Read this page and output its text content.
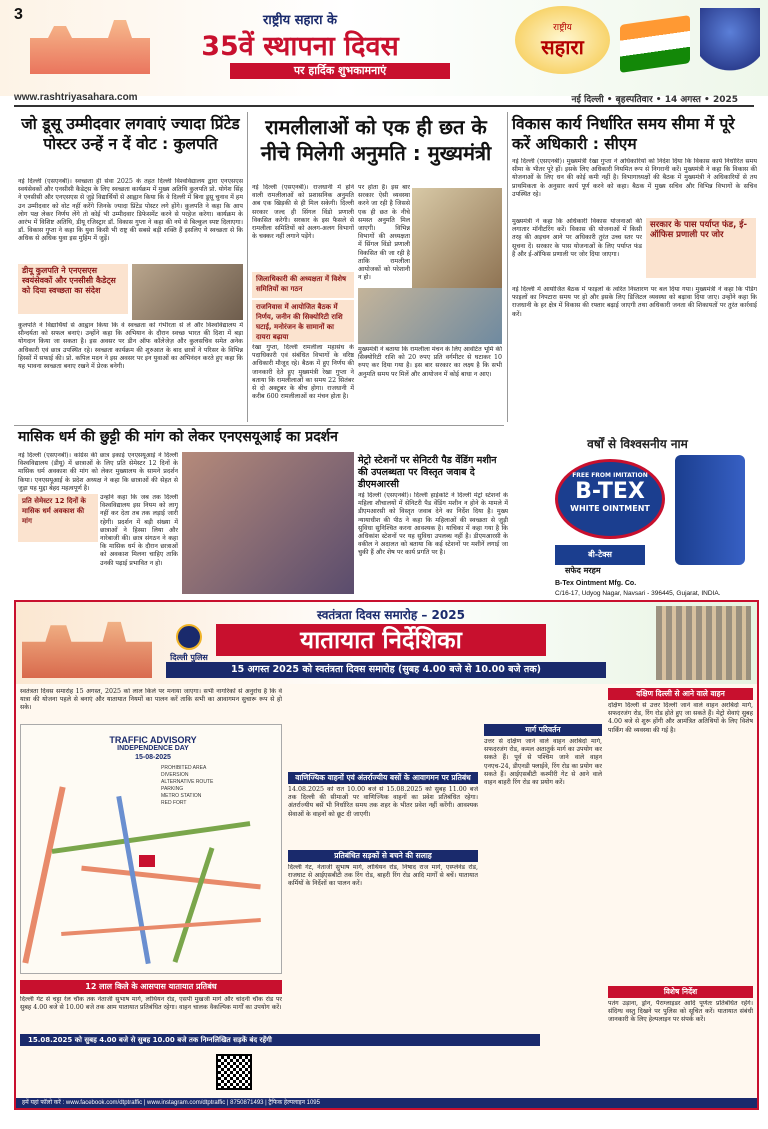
3	राष्ट्रीय सहारा के
35वें स्थापना दिवस
पर हार्दिक शुभकामनाएं
राष्ट्रीय
सहारा
www.rashtriyasahara.com	नई दिल्ली • बृहस्पतिवार • 14 अगस्त • 2025
जो डूसू उम्मीदवार लगवाएं ज्यादा प्रिंटेड पोस्टर उन्हें न दें वोट : कुलपति
नई दिल्ली (एसएनबी)। स्वच्छता ही सेवा 2025 के तहत दिल्ली विश्वविद्यालय द्वारा एनएसएस स्वयंसेवकों और एनसीसी कैडेट्स के लिए स्वच्छता कार्यक्रम में मुख्य अतिथि कुलपति प्रो. योगेश सिंह ने एनसीसी और एनएसएस से जुड़े विद्यार्थियों से आह्वान किया कि वे दिल्ली में बिना डूसू चुनाव में हम उन उम्मीदवार को वोट नहीं करेंगे जिनके ज्यादा प्रिंटेड पोस्टर लगे होंगे। कुलपति ने कहा कि आप लोग पक्ष लेकर निर्णय लेंगे तो कोई भी उम्मीदवार डिफेसमेंट करने से परहेज करेगा। कार्यक्रम के आरंभ में विशिष्ट अतिथि, डीयू रजिस्ट्रार डॉ. विकास गुप्ता ने कहा की नये से बिल्कुल स्पष्ट दिलाएगा। डॉ. विकास गुप्ता ने कहा कि युवा किसी भी राष्ट्र की सबसे बड़ी शक्ति हैं इसलिए ये स्वच्छता से कि अधिक से अधिक युवा इस मुहिम में जुड़ें।
डीयू कुलपति ने एनएसएस स्वयंसेवकों और एनसीसी कैडेट्स को दिया स्वच्छता का संदेश
कुलपति ने विद्यार्थियों से आह्वान किया कि वे स्वच्छता को गंभीरता से लें और विश्वविद्यालय में सौन्दर्यता को सफल बनाएं। उन्होंने कहा कि अभियान के दौरान स्वच्छ भारत की दिशा में बड़ा योगदान किया जा सकता है। इस अवसर पर डीन ऑफ कॉलेजेज़ और कुलसचिव समेत अनेक अधिकारी एवं छात्र उपस्थित रहे। स्वच्छता कार्यक्रम की शुरुआत के बाद छात्रों ने परिसर के विभिन्न हिस्सों में सफाई की। प्रो. कपिल मदन ने इस अवसर पर इन युवाओं का अभिनंदन करते हुए कहा कि यह भावना स्वच्छता बनाए रखने में प्रेरक बनेगी।
रामलीलाओं को एक ही छत के नीचे मिलेगी अनुमति : मुख्यमंत्री
नई दिल्ली (एसएनबी)। राजधानी में होने वाली रामलीलाओं को प्रशासनिक अनुमति अब एक खिड़की से ही मिल सकेगी। दिल्ली सरकार जल्द ही सिंगल विंडो प्रणाली विकसित करेगी। सरकार के इस फैसले से रामलीला समितियों को अलग-अलग विभागों के चक्कर नहीं लगाने पड़ेंगे।
जिलाधिकारी की अध्यक्षता में विशेष समितियों का गठन
राजनिवास में आयोजित बैठक में निर्णय, जनीन की सिक्योरिटी राशि घटाई, मनोरंजन के सामानों का दायरा बढ़ाया
रेखा गुप्ता, दिल्ली रामलीला महासंघ के पदाधिकारी एवं संबंधित विभागों के वरिष्ठ अधिकारी मौजूद रहे। बैठक में हुए निर्णय की जानकारी देते हुए मुख्यमंत्री रेखा गुप्ता ने बताया कि रामलीलाओं का समय 22 सितंबर से दो अक्टूबर के बीच होगा। राजधानी में करीब 600 रामलीलाओं का मंचन होता है।
पर होता है। इस बार सरकार ऐसी व्यवस्था करने जा रही है जिससे एक ही छत के नीचे समस्त अनुमति मिल जाएगी। विभिन्न विभागों की अध्यक्षता में सिंगल विंडो प्रणाली विकसित की जा रही है ताकि रामलीला आयोजकों को परेशानी न हो।
मुख्यमंत्री ने बताया कि रामलीला मंचन के लिए आवंटित भूमि की सिक्योरिटी राशि को 20 रुपए प्रति वर्गमीटर से घटाकर 10 रुपए कर दिया गया है। इस बार सरकार का लक्ष्य है कि सभी अनुमति समय पर मिलें और आयोजन में कोई बाधा न आए।
विकास कार्य निर्धारित समय सीमा में पूरे करें अधिकारी : सीएम
नई दिल्ली (एसएनबी)। मुख्यमंत्री रेखा गुप्ता ने अधिकारियों को निर्देश दिया कि विकास कार्य निर्धारित समय सीमा के भीतर पूरे हों। इसके लिए अधिकारी नियमित रूप से निगरानी करें। मुख्यमंत्री ने कहा कि विकास की योजनाओं के लिए धन की कोई कमी नहीं है। विभागाध्यक्षों की बैठक में मुख्यमंत्री ने अधिकारियों से तय प्राथमिकता के अनुसार कार्य पूर्ण करने को कहा। बैठक में मुख्य सचिव और विभिन्न विभागों के सचिव उपस्थित रहे।
मुख्यमंत्री ने कहा कि अधिकारी विकास योजनाओं की लगातार मॉनीटरिंग करें। विकास की योजनाओं में किसी तरह की अड़चन आने पर अधिकारी तुरंत उच्च स्तर पर सूचना दें। सरकार के पास योजनाओं के लिए पर्याप्त फंड है और ई-ऑफिस प्रणाली पर जोर दिया जाएगा।
सरकार के पास पर्याप्त फंड, ई-ऑफिस प्रणाली पर जोर
नई दिल्ली में आयोजित बैठक में फाइलों के त्वरित निस्तारण पर बल दिया गया। मुख्यमंत्री ने कहा कि पेंडिंग फाइलों का निपटारा समय पर हो और इसके लिए डिजिटल व्यवस्था को बढ़ावा दिया जाए। उन्होंने कहा कि राजधानी के हर क्षेत्र में विकास की रफ्तार बढ़ाई जाएगी तथा अधिकारी जनता की शिकायतों पर तुरंत कार्रवाई करें।
वर्षों से विश्वसनीय नाम
FREE FROM IMITATION
B-TEX
WHITE OINTMENT
बी-टेक्स
सफेद मरहम
B-Tex Ointment Mfg. Co.
C/16-17, Udyog Nagar, Navsari - 396445, Gujarat, INDIA.
मासिक धर्म की छुट्टी की मांग को लेकर एनएसयूआई का प्रदर्शन
नई दिल्ली (एसएनबी)। कांग्रेस की छात्र इकाई एनएसयूआई ने दिल्ली विश्वविद्यालय (डीयू) में छात्राओं के लिए प्रति सेमेस्टर 12 दिनों के मासिक धर्म अवकाश की मांग को लेकर मुख्यालय के सामने प्रदर्शन किया। एनएसयूआई के प्रदेश अध्यक्ष ने कहा कि छात्राओं की सेहत से जुड़ा यह मुद्दा बेहद महत्वपूर्ण है।
प्रति सेमेस्टर 12 दिनों के मासिक धर्म अवकाश की मांग
उन्होंने कहा कि जब तक दिल्ली विश्वविद्यालय इस नियम को लागू नहीं कर देता तब तक लड़ाई जारी रहेगी। प्रदर्शन में बड़ी संख्या में छात्राओं ने हिस्सा लिया और नारेबाजी की। छात्र संगठन ने कहा कि मासिक धर्म के दौरान छात्राओं को अवकाश मिलना चाहिए ताकि उनकी पढ़ाई प्रभावित न हो।
मेट्रो स्टेशनों पर सेनिटरी पैड वेंडिंग मशीन की उपलब्धता पर विस्तृत जवाब दे डीएमआरसी
नई दिल्ली (एसएनबी)। दिल्ली हाईकोर्ट ने दिल्ली मेट्रो स्टेशनों के महिला शौचालयों में सेनिटरी पैड वेंडिंग मशीन न होने के मामले में डीएमआरसी को विस्तृत जवाब देने का निर्देश दिया है। मुख्य न्यायाधीश की पीठ ने कहा कि महिलाओं की स्वच्छता से जुड़ी सुविधा सुनिश्चित करना आवश्यक है। याचिका में कहा गया है कि अधिकांश स्टेशनों पर यह सुविधा उपलब्ध नहीं है। डीएमआरसी के वकील ने अदालत को बताया कि कई स्टेशनों पर मशीनें लगाई जा चुकी हैं और शेष पर कार्य प्रगति पर है।
स्वतंत्रता दिवस समारोह – 2025
दिल्ली पुलिस
यातायात निर्देशिका
15 अगस्त 2025 को स्वतंत्रता दिवस समारोह (सुबह 4.00 बजे से 10.00 बजे तक)
स्वतंत्रता दिवस समारोह 15 अगस्त, 2025 को लाल किले पर मनाया जाएगा। सभी नागरिकों से अनुरोध है कि वे यात्रा की योजना पहले से बनाएं और यातायात नियमों का पालन करें ताकि सभी का आवागमन सुचारू रूप से हो सके।
TRAFFIC ADVISORY
INDEPENDENCE DAY
15-08-2025
PROHIBITED AREA
DIVERSION
ALTERNATIVE ROUTE
PARKING
METRO STATION
RED FORT
12 लाल किले के आसपास यातायात प्रतिबंध
दिल्ली गेट से चट्टा रेल चौक तक नेताजी सुभाष मार्ग, लोथियन रोड, एसपी मुखर्जी मार्ग और चांदनी चौक रोड पर सुबह 4.00 बजे से 10.00 बजे तक आम यातायात प्रतिबंधित रहेगा। वाहन चालक वैकल्पिक मार्गों का उपयोग करें।
वाणिज्यिक वाहनों एवं अंतर्राज्यीय बसों के आवागमन पर प्रतिबंध
14.08.2025 को रात 10.00 बजे से 15.08.2025 को सुबह 11.00 बजे तक दिल्ली की सीमाओं पर वाणिज्यिक वाहनों का प्रवेश प्रतिबंधित रहेगा। अंतर्राज्यीय बसें भी निर्धारित समय तक शहर के भीतर प्रवेश नहीं करेंगी। आवश्यक सेवाओं के वाहनों को छूट दी जाएगी।
प्रतिबंधित सड़कों से बचने की सलाह
दिल्ली गेट, नेताजी सुभाष मार्ग, लोथियन रोड, निषाद राज मार्ग, एस्प्लेनेड रोड, राजघाट से आईएसबीटी तक रिंग रोड, बाहरी रिंग रोड आदि मार्गों से बचें। यातायात कर्मियों के निर्देशों का पालन करें।
मार्ग परिवर्तन
उत्तर से दक्षिण जाने वाले वाहन अरबिंदो मार्ग, सफदरजंग रोड, कमल अतातुर्क मार्ग का उपयोग कर सकते हैं। पूर्व से पश्चिम जाने वाले वाहन एनएच-24, डीएनडी फ्लाईवे, रिंग रोड का प्रयोग कर सकते हैं। आईएसबीटी कश्मीरी गेट से आने वाले वाहन बाहरी रिंग रोड का प्रयोग करें।
दक्षिण दिल्ली से आने वाले वाहन
दक्षिण दिल्ली से उत्तर दिल्ली जाने वाले वाहन अरबिंदो मार्ग, सफदरजंग रोड, रिंग रोड होते हुए जा सकते हैं। मेट्रो सेवाएं सुबह 4.00 बजे से शुरू होंगी और आमंत्रित अतिथियों के लिए विशेष पार्किंग की व्यवस्था की गई है।
विशेष निर्देश
पतंग उड़ाना, ड्रोन, पैराग्लाइडर आदि पूर्णतः प्रतिबंधित रहेंगे। संदिग्ध वस्तु दिखने पर पुलिस को सूचित करें। यातायात संबंधी जानकारी के लिए हेल्पलाइन पर संपर्क करें।
15.08.2025 को सुबह 4.00 बजे से सुबह 10.00 बजे तक निम्नलिखित सड़कें बंद रहेंगी
हमें यहां फॉलो करें : www.facebook.com/dtptraffic | www.instagram.com/dtptraffic | 8750871493 | ट्रैफिक हेल्पलाइन 1095
